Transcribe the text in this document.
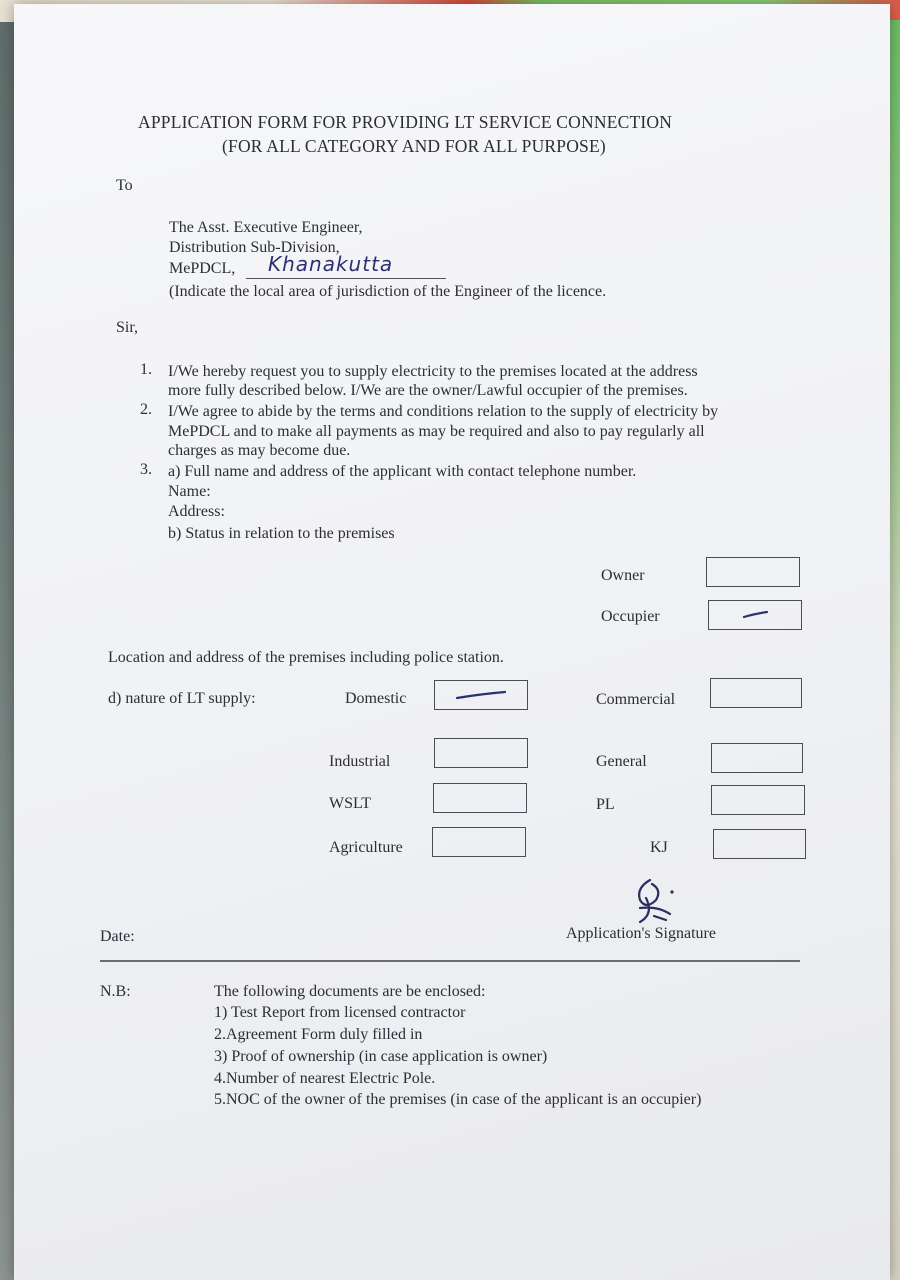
APPLICATION FORM FOR PROVIDING LT SERVICE CONNECTION
(FOR ALL CATEGORY AND FOR ALL PURPOSE)
To
The Asst. Executive Engineer,
Distribution Sub-Division,
MePDCL, Khanakutta
(Indicate the local area of jurisdiction of the Engineer of the licence.
Sir,
1. I/We hereby request you to supply electricity to the premises located at the address
more fully described below. I/We are the owner/Lawful occupier of the premises.
2. I/We agree to abide by the terms and conditions relation to the supply of electricity by
MePDCL and to make all payments as may be required and also to pay regularly all
charges as may become due.
3. a) Full name and address of the applicant with contact telephone number.
Name:
Address:
b) Status in relation to the premises
Owner
Occupier
Location and address of the premises including police station.
d) nature of LT supply:	Domestic	Commercial
Industrial	General
WSLT	PL
Agriculture	KJ
Date:	Application's Signature
N.B:	The following documents are be enclosed:
1) Test Report from licensed contractor
2.Agreement Form duly filled in
3) Proof of ownership (in case application is owner)
4.Number of nearest Electric Pole.
5.NOC of the owner of the premises (in case of the applicant is an occupier)
